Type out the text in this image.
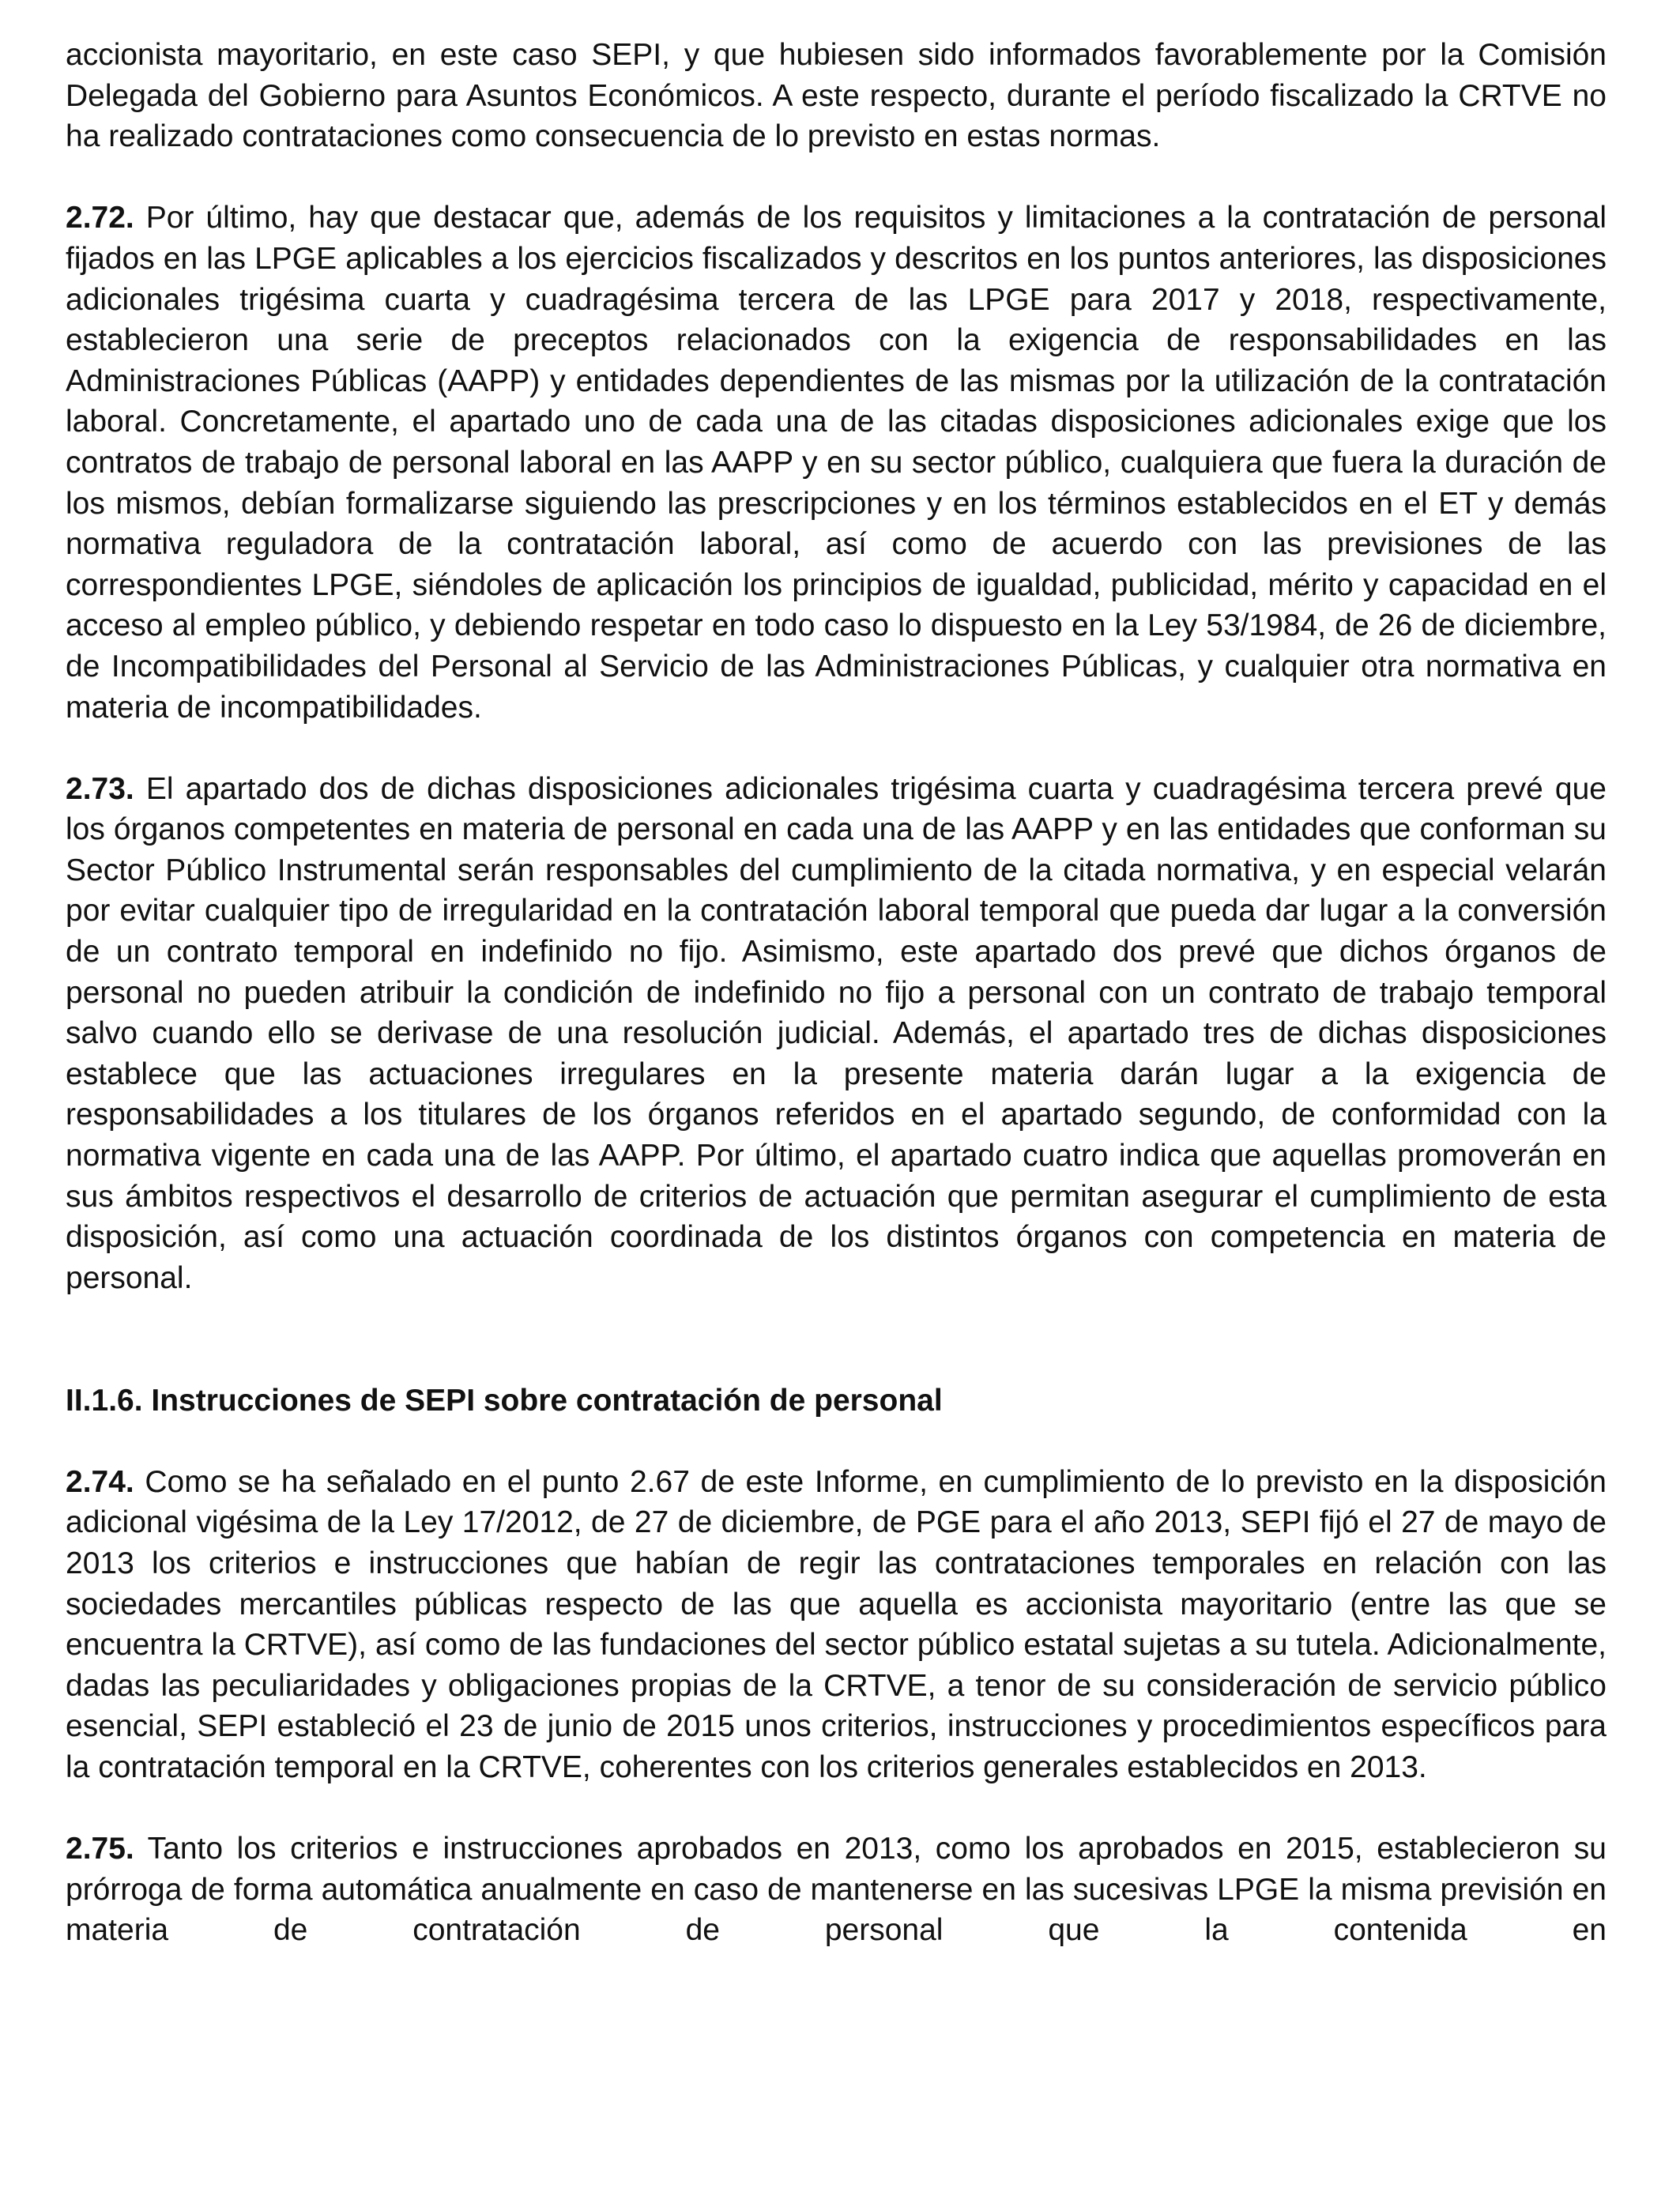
accionista mayoritario, en este caso SEPI, y que hubiesen sido informados favorablemente por la Comisión Delegada del Gobierno para Asuntos Económicos. A este respecto, durante el período fiscalizado la CRTVE no ha realizado contrataciones como consecuencia de lo previsto en estas normas.

2.72. Por último, hay que destacar que, además de los requisitos y limitaciones a la contratación de personal fijados en las LPGE aplicables a los ejercicios fiscalizados y descritos en los puntos anteriores, las disposiciones adicionales trigésima cuarta y cuadragésima tercera de las LPGE para 2017 y 2018, respectivamente, establecieron una serie de preceptos relacionados con la exigencia de responsabilidades en las Administraciones Públicas (AAPP) y entidades dependientes de las mismas por la utilización de la contratación laboral. Concretamente, el apartado uno de cada una de las citadas disposiciones adicionales exige que los contratos de trabajo de personal laboral en las AAPP y en su sector público, cualquiera que fuera la duración de los mismos, debían formalizarse siguiendo las prescripciones y en los términos establecidos en el ET y demás normativa reguladora de la contratación laboral, así como de acuerdo con las previsiones de las correspondientes LPGE, siéndoles de aplicación los principios de igualdad, publicidad, mérito y capacidad en el acceso al empleo público, y debiendo respetar en todo caso lo dispuesto en la Ley 53/1984, de 26 de diciembre, de Incompatibilidades del Personal al Servicio de las Administraciones Públicas, y cualquier otra normativa en materia de incompatibilidades.

2.73. El apartado dos de dichas disposiciones adicionales trigésima cuarta y cuadragésima tercera prevé que los órganos competentes en materia de personal en cada una de las AAPP y en las entidades que conforman su Sector Público Instrumental serán responsables del cumplimiento de la citada normativa, y en especial velarán por evitar cualquier tipo de irregularidad en la contratación laboral temporal que pueda dar lugar a la conversión de un contrato temporal en indefinido no fijo. Asimismo, este apartado dos prevé que dichos órganos de personal no pueden atribuir la condición de indefinido no fijo a personal con un contrato de trabajo temporal salvo cuando ello se derivase de una resolución judicial. Además, el apartado tres de dichas disposiciones establece que las actuaciones irregulares en la presente materia darán lugar a la exigencia de responsabilidades a los titulares de los órganos referidos en el apartado segundo, de conformidad con la normativa vigente en cada una de las AAPP. Por último, el apartado cuatro indica que aquellas promoverán en sus ámbitos respectivos el desarrollo de criterios de actuación que permitan asegurar el cumplimiento de esta disposición, así como una actuación coordinada de los distintos órganos con competencia en materia de personal.

II.1.6. Instrucciones de SEPI sobre contratación de personal

2.74. Como se ha señalado en el punto 2.67 de este Informe, en cumplimiento de lo previsto en la disposición adicional vigésima de la Ley 17/2012, de 27 de diciembre, de PGE para el año 2013, SEPI fijó el 27 de mayo de 2013 los criterios e instrucciones que habían de regir las contrataciones temporales en relación con las sociedades mercantiles públicas respecto de las que aquella es accionista mayoritario (entre las que se encuentra la CRTVE), así como de las fundaciones del sector público estatal sujetas a su tutela. Adicionalmente, dadas las peculiaridades y obligaciones propias de la CRTVE, a tenor de su consideración de servicio público esencial, SEPI estableció el 23 de junio de 2015 unos criterios, instrucciones y procedimientos específicos para la contratación temporal en la CRTVE, coherentes con los criterios generales establecidos en 2013.

2.75. Tanto los criterios e instrucciones aprobados en 2013, como los aprobados en 2015, establecieron su prórroga de forma automática anualmente en caso de mantenerse en las sucesivas LPGE la misma previsión en materia de contratación de personal que la contenida en
